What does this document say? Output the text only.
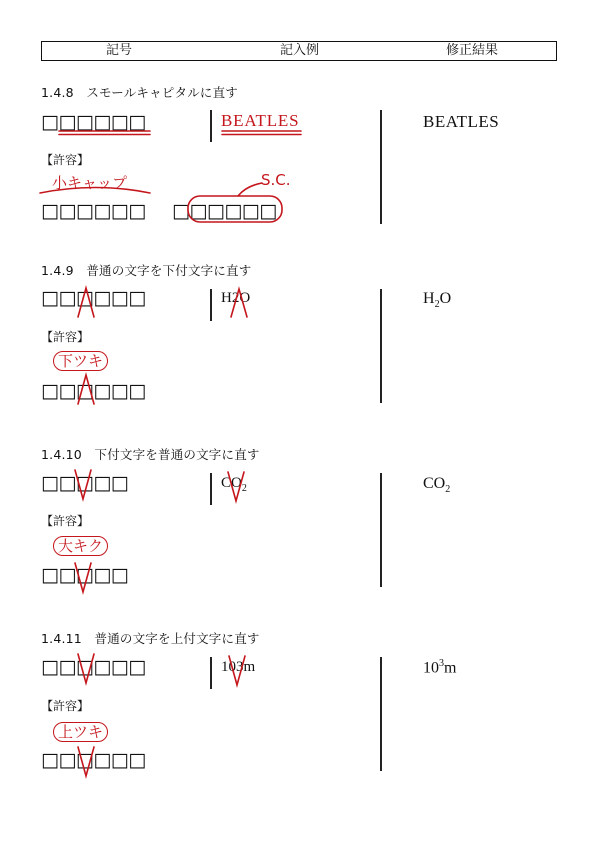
記号	記入例	修正結果
1.4.8 スモールキャピタルに直す
□□□□□□	BEATLES	BEATLES
【許容】
小キャップ	S.C.
□□□□□□ □□□□□□
1.4.9 普通の文字を下付文字に直す
□□□□□□	H2O	$H_2O$
【許容】
下ツキ
□□□□□□
1.4.10 下付文字を普通の文字に直す
□□□□□	$CO_2$	$CO_2$
【許容】
大キク
□□□□□
1.4.11 普通の文字を上付文字に直す
□□□□□□	103m	$10^3m$
【許容】
上ツキ
□□□□□□
